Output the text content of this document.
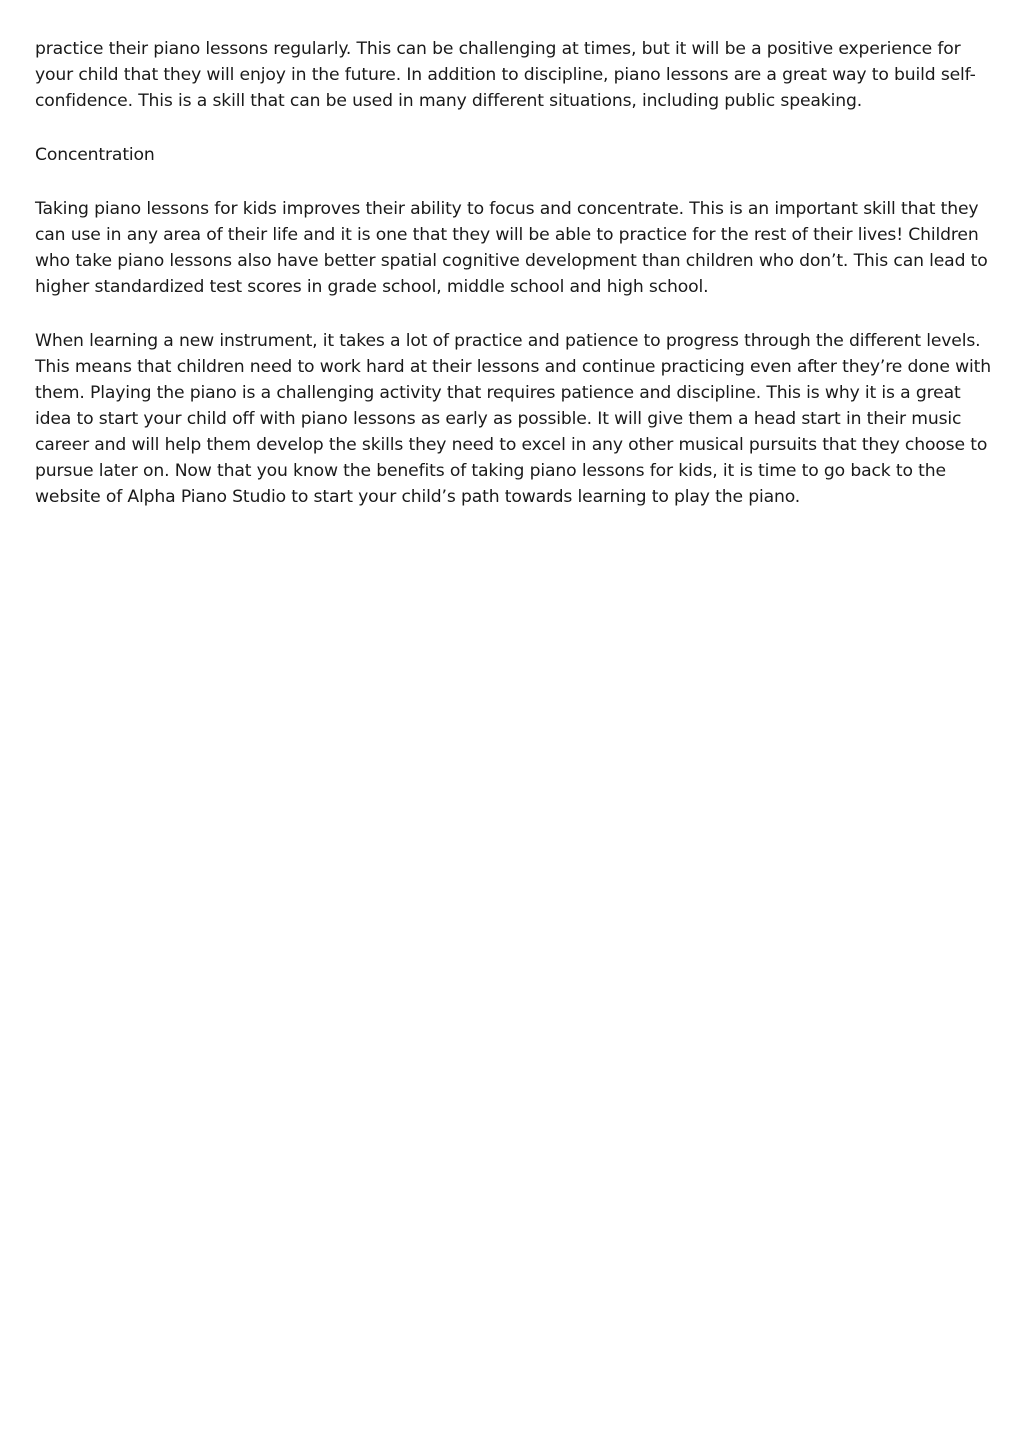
practice their piano lessons regularly. This can be challenging at times, but it will be a positive experience for your child that they will enjoy in the future. In addition to discipline, piano lessons are a great way to build self-confidence. This is a skill that can be used in many different situations, including public speaking.

Concentration

Taking piano lessons for kids improves their ability to focus and concentrate. This is an important skill that they can use in any area of their life and it is one that they will be able to practice for the rest of their lives! Children who take piano lessons also have better spatial cognitive development than children who don’t. This can lead to higher standardized test scores in grade school, middle school and high school.

When learning a new instrument, it takes a lot of practice and patience to progress through the different levels. This means that children need to work hard at their lessons and continue practicing even after they’re done with them. Playing the piano is a challenging activity that requires patience and discipline. This is why it is a great idea to start your child off with piano lessons as early as possible. It will give them a head start in their music career and will help them develop the skills they need to excel in any other musical pursuits that they choose to pursue later on. Now that you know the benefits of taking piano lessons for kids, it is time to go back to the website of Alpha Piano Studio to start your child’s path towards learning to play the piano.
